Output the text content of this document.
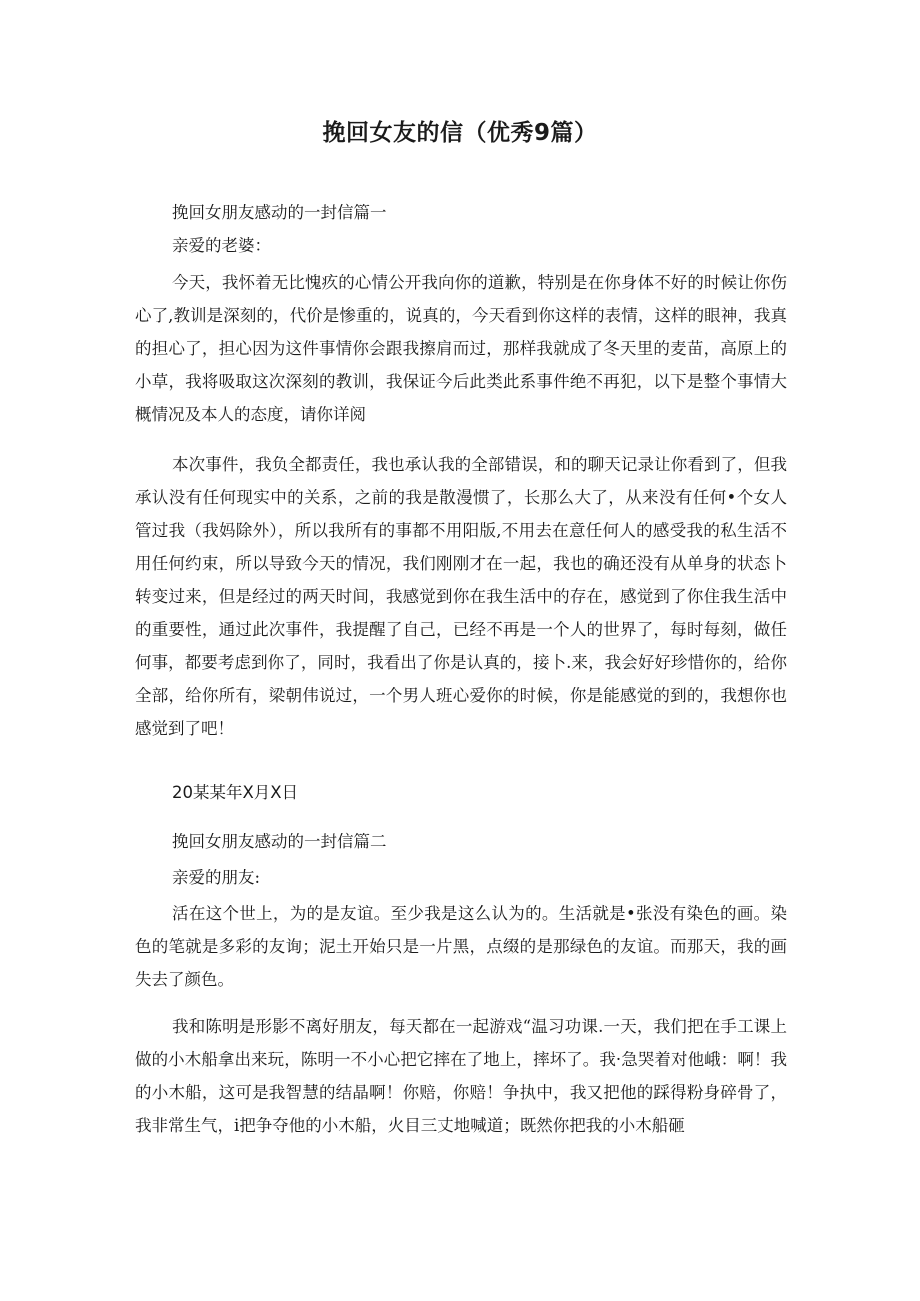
挽回女友的信（优秀9篇）

挽回女朋友感动的一封信篇一

亲爱的老婆：

今天，我怀着无比愧疚的心情公开我向你的道歉，特别是在你身体不好的时候让你伤心了,教训是深刻的，代价是惨重的，说真的，今天看到你这样的表情，这样的眼神，我真的担心了，担心因为这件事情你会跟我擦肩而过，那样我就成了冬天里的麦苗，高原上的小草，我将吸取这次深刻的教训，我保证今后此类此系事件绝不再犯，以下是整个事情大概情况及本人的态度，请你详阅

本次事件，我负全都责任，我也承认我的全部错误，和的聊天记录让你看到了，但我承认没有任何现实中的关系，之前的我是散漫惯了，长那么大了，从来没有任何•个女人管过我（我妈除外），所以我所有的事都不用阳版,不用去在意任何人的感受我的私生活不用任何约束，所以导致今天的情况，我们刚刚才在一起，我也的确还没有从单身的状态卜转变过来，但是经过的两天时间，我感觉到你在我生活中的存在，感觉到了你住我生活中的重要性，通过此次事件，我提醒了自己，已经不再是一个人的世界了，每时每刻，做任何事，都要考虑到你了，同时，我看出了你是认真的，接卜.来，我会好好珍惜你的，给你全部，给你所有，梁朝伟说过，一个男人班心爱你的时候，你是能感觉的到的，我想你也感觉到了吧！

20某某年X月X日

挽回女朋友感动的一封信篇二

亲爱的朋友:

活在这个世上，为的是友谊。至少我是这么认为的。生活就是•张没有染色的画。染色的笔就是多彩的友询；泥土开始只是一片黑，点缀的是那绿色的友谊。而那天，我的画失去了颜色。

我和陈明是形影不离好朋友，每天都在一起游戏“温习功课.一天，我们把在手工课上做的小木船拿出来玩，陈明一不小心把它摔在了地上，摔坏了。我·急哭着对他峨：啊！我的小木船，这可是我智慧的结晶啊！你赔，你赔！争执中，我又把他的踩得粉身碎骨了，我非常生气，i把争夺他的小木船，火目三丈地喊道；既然你把我的小木船砸
